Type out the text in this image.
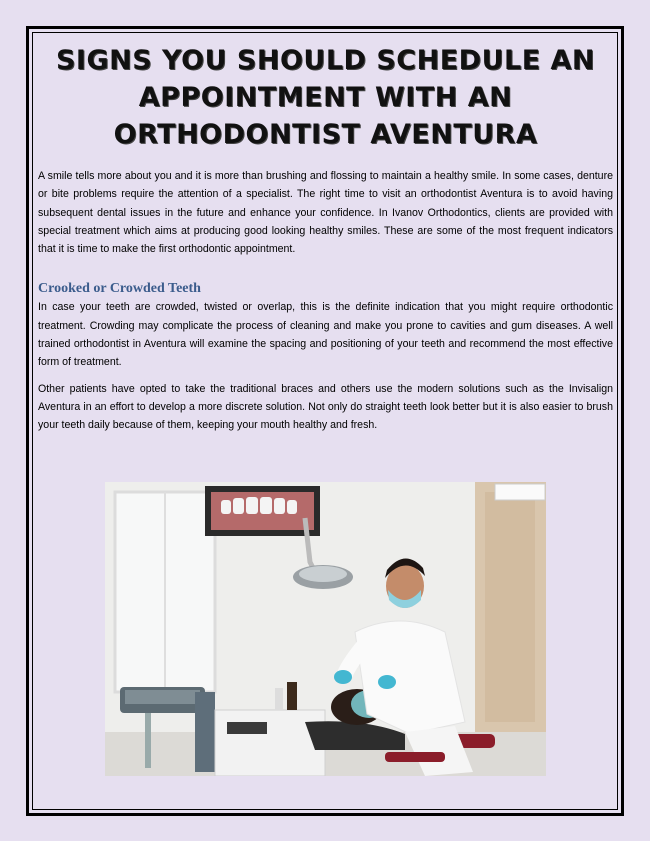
SIGNS YOU SHOULD SCHEDULE AN APPOINTMENT WITH AN ORTHODONTIST AVENTURA

A smile tells more about you and it is more than brushing and flossing to maintain a healthy smile. In some cases, denture or bite problems require the attention of a specialist. The right time to visit an orthodontist Aventura is to avoid having subsequent dental issues in the future and enhance your confidence. In Ivanov Orthodontics, clients are provided with special treatment which aims at producing good looking healthy smiles. These are some of the most frequent indicators that it is time to make the first orthodontic appointment.

Crooked or Crowded Teeth

In case your teeth are crowded, twisted or overlap, this is the definite indication that you might require orthodontic treatment. Crowding may complicate the process of cleaning and make you prone to cavities and gum diseases. A well trained orthodontist in Aventura will examine the spacing and positioning of your teeth and recommend the most effective form of treatment.

Other patients have opted to take the traditional braces and others use the modern solutions such as the Invisalign Aventura in an effort to develop a more discrete solution. Not only do straight teeth look better but it is also easier to brush your teeth daily because of them, keeping your mouth healthy and fresh.
